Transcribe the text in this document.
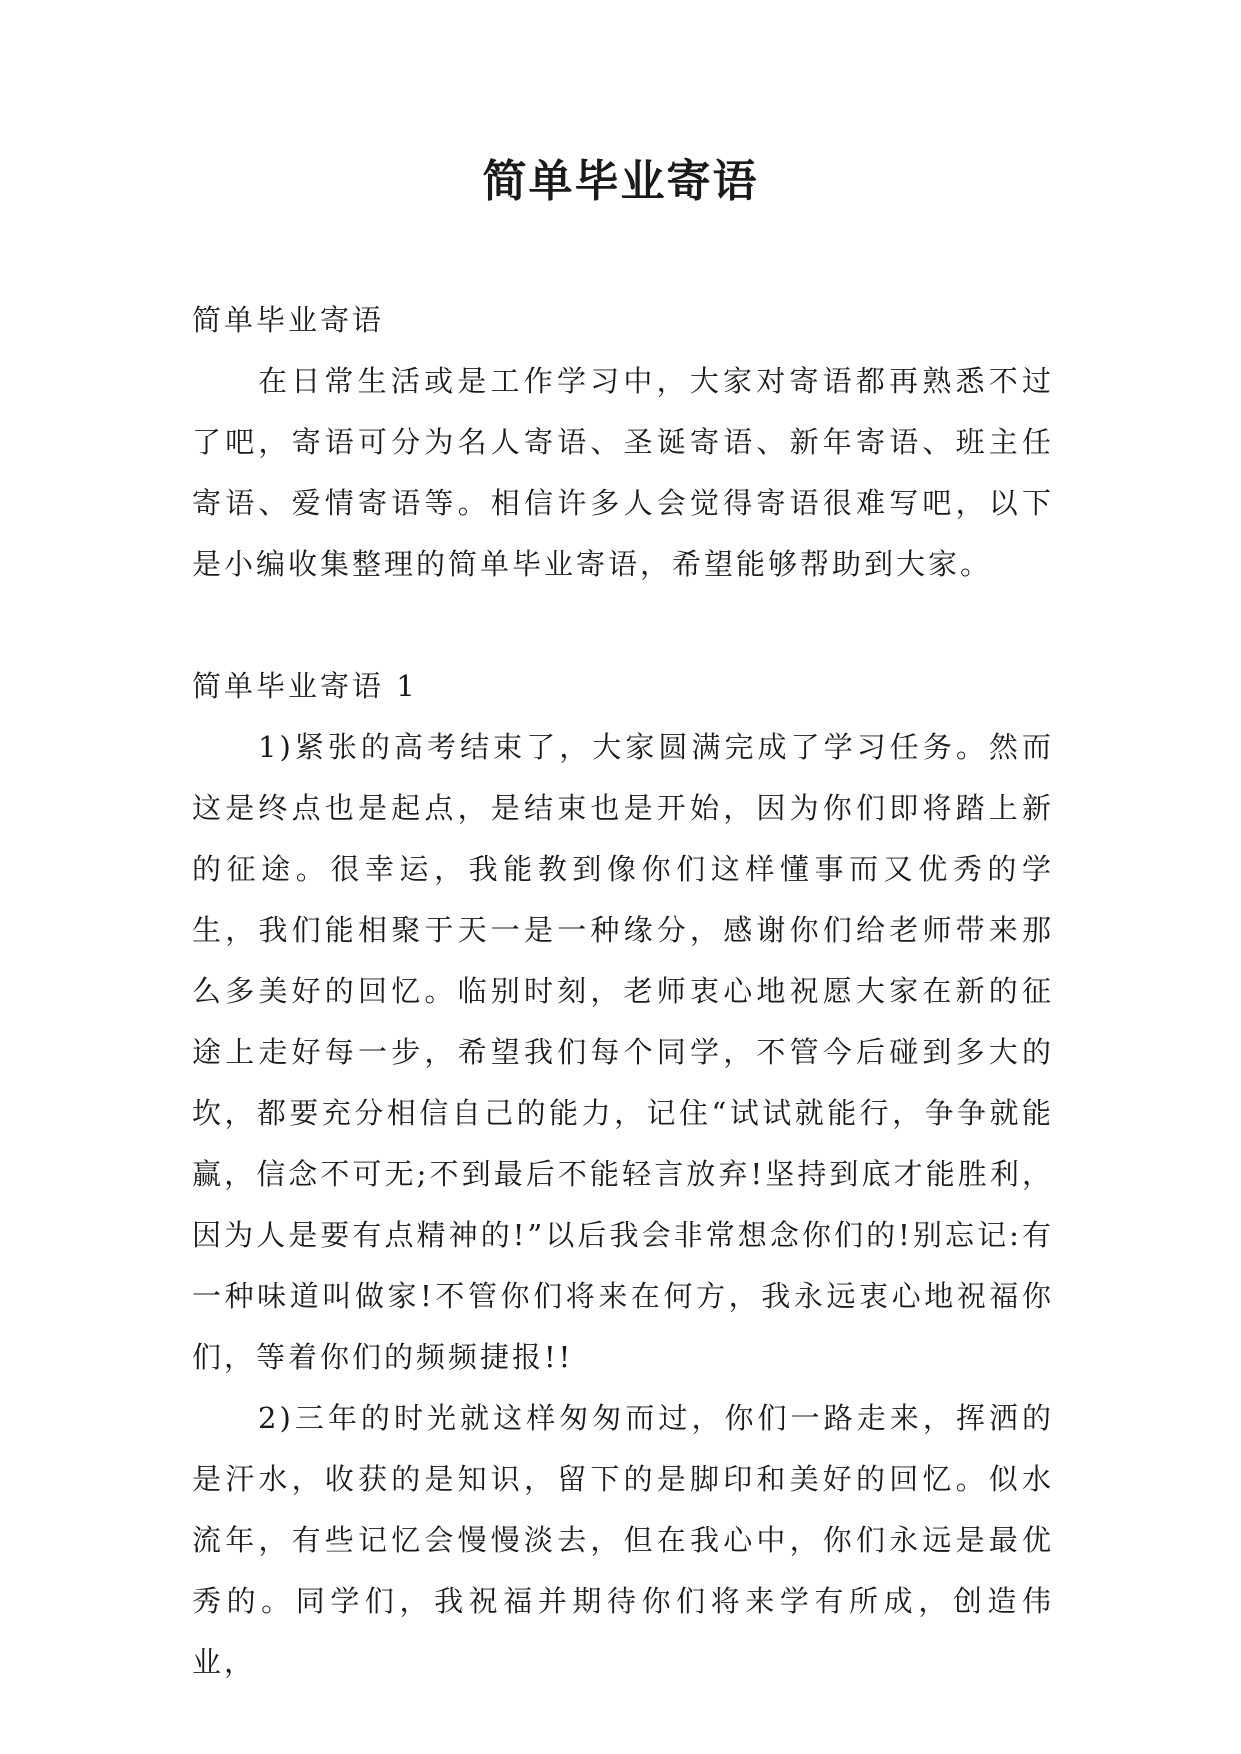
简单毕业寄语

简单毕业寄语

在日常生活或是工作学习中，大家对寄语都再熟悉不过了吧，寄语可分为名人寄语、圣诞寄语、新年寄语、班主任寄语、爱情寄语等。相信许多人会觉得寄语很难写吧，以下是小编收集整理的简单毕业寄语，希望能够帮助到大家。

简单毕业寄语 1

1)紧张的高考结束了，大家圆满完成了学习任务。然而这是终点也是起点，是结束也是开始，因为你们即将踏上新的征途。很幸运，我能教到像你们这样懂事而又优秀的学生，我们能相聚于天一是一种缘分，感谢你们给老师带来那么多美好的回忆。临别时刻，老师衷心地祝愿大家在新的征途上走好每一步，希望我们每个同学，不管今后碰到多大的坎，都要充分相信自己的能力，记住“试试就能行，争争就能赢，信念不可无;不到最后不能轻言放弃!坚持到底才能胜利，因为人是要有点精神的!”以后我会非常想念你们的!别忘记:有一种味道叫做家!不管你们将来在何方，我永远衷心地祝福你们，等着你们的频频捷报!!

2)三年的时光就这样匆匆而过，你们一路走来，挥洒的是汗水，收获的是知识，留下的是脚印和美好的回忆。似水流年，有些记忆会慢慢淡去，但在我心中，你们永远是最优秀的。同学们，我祝福并期待你们将来学有所成，创造伟业，
